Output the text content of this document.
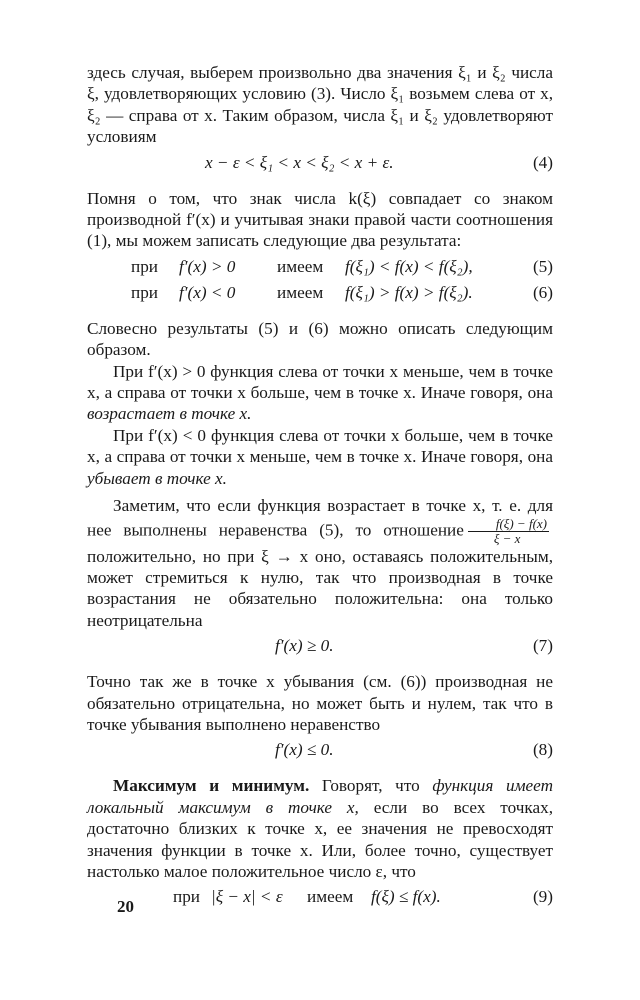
здесь случая, выберем произвольно два значения ξ₁ и ξ₂ числа ξ, удовлетворяющих условию (3). Число ξ₁ возьмем слева от x, ξ₂ — справа от x. Таким образом, числа ξ₁ и ξ₂ удовлетворяют условиям

x − ε < ξ₁ < x < ξ₂ < x + ε.	(4)

Помня о том, что знак числа k(ξ) совпадает со знаком производной f′(x) и учитывая знаки правой части соотношения (1), мы можем записать следующие два результата:

при f′(x) > 0 имеем f(ξ₁) < f(x) < f(ξ₂),	(5)
при f′(x) < 0 имеем f(ξ₁) > f(x) > f(ξ₂).	(6)

Словесно результаты (5) и (6) можно описать следующим образом.

При f′(x) > 0 функция слева от точки x меньше, чем в точке x, а справа от точки x больше, чем в точке x. Иначе говоря, она возрастает в точке x.

При f′(x) < 0 функция слева от точки x больше, чем в точке x, а справа от точки x меньше, чем в точке x. Иначе говоря, она убывает в точке x.

Заметим, что если функция возрастает в точке x, т. е. для нее выполнены неравенства (5), то отношение $\frac{f(\xi) - f(x)}{\xi - x}$
положительно, но при ξ → x оно, оставаясь положительным, может стремиться к нулю, так что производная в точке возрастания не обязательно положительна: она только неотрицательна

f′(x) ≥ 0.	(7)

Точно так же в точке x убывания (см. (6)) производная не обязательно отрицательна, но может быть и нулем, так что в точке убывания выполнено неравенство

f′(x) ≤ 0.	(8)

Максимум и минимум. Говорят, что функция имеет локальный максимум в точке x, если во всех точках, достаточно близких к точке x, ее значения не превосходят значения функции в точке x. Или, более точно, существует настолько малое положительное число ε, что

при |ξ − x| < ε имеем f(ξ) ≤ f(x).	(9)
20
